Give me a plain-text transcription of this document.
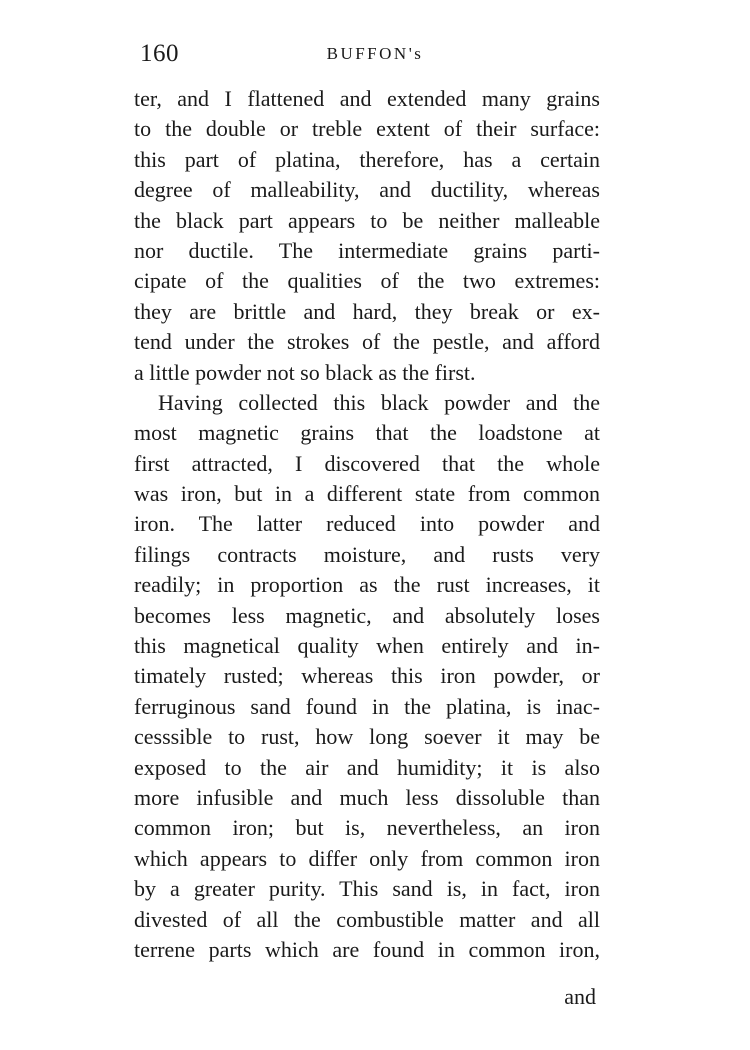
160	BUFFON's
ter, and I flattened and extended many grains
to the double or treble extent of their surface:
this part of platina, therefore, has a certain
degree of malleability, and ductility, whereas
the black part appears to be neither malleable
nor ductile. The intermediate grains parti-
cipate of the qualities of the two extremes:
they are brittle and hard, they break or ex-
tend under the strokes of the pestle, and afford
a little powder not so black as the first.
Having collected this black powder and the
most magnetic grains that the loadstone at
first attracted, I discovered that the whole
was iron, but in a different state from common
iron. The latter reduced into powder and
filings contracts moisture, and rusts very
readily; in proportion as the rust increases, it
becomes less magnetic, and absolutely loses
this magnetical quality when entirely and in-
timately rusted; whereas this iron powder, or
ferruginous sand found in the platina, is inac-
cesssible to rust, how long soever it may be
exposed to the air and humidity; it is also
more infusible and much less dissoluble than
common iron; but is, nevertheless, an iron
which appears to differ only from common iron
by a greater purity. This sand is, in fact, iron
divested of all the combustible matter and all
terrene parts which are found in common iron,
and
